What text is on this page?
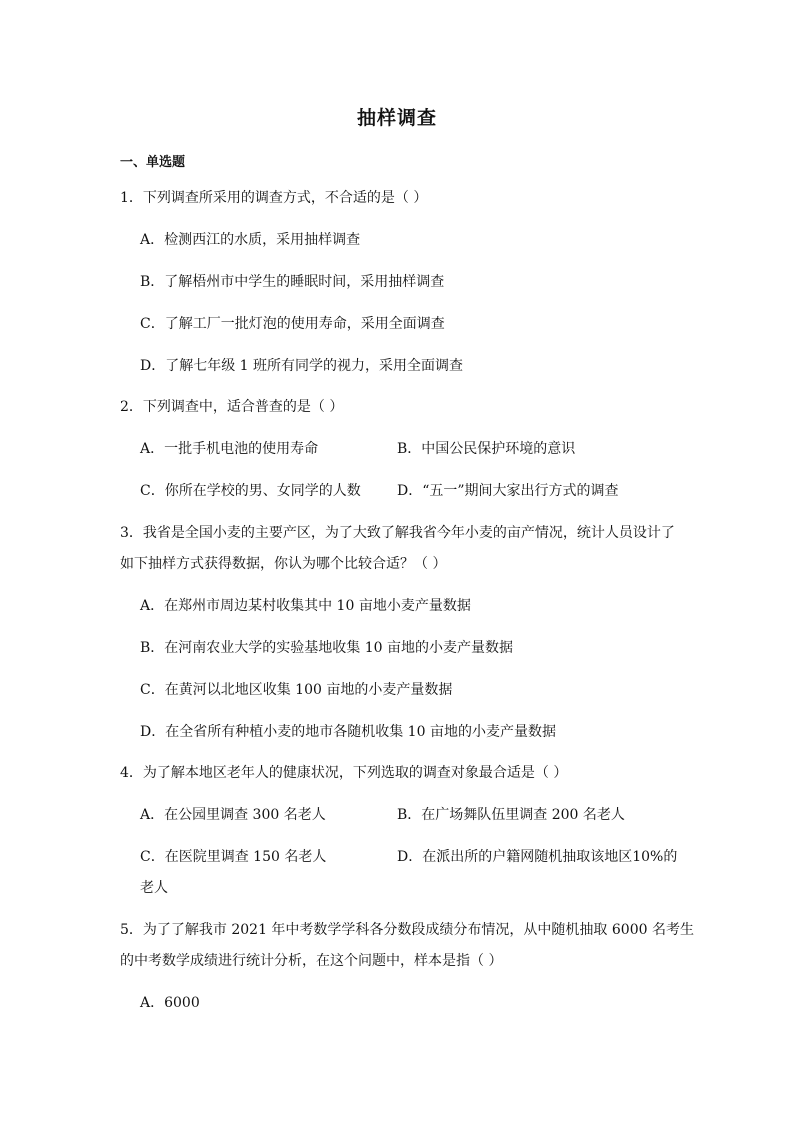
抽样调查
一、单选题
1．下列调查所采用的调查方式，不合适的是（ ）
A．检测西江的水质，采用抽样调查
B．了解梧州市中学生的睡眠时间，采用抽样调查
C．了解工厂一批灯泡的使用寿命，采用全面调查
D．了解七年级 1 班所有同学的视力，采用全面调查
2．下列调查中，适合普查的是（ ）
A．一批手机电池的使用寿命	B．中国公民保护环境的意识
C．你所在学校的男、女同学的人数	D．“五一”期间大家出行方式的调查
3．我省是全国小麦的主要产区，为了大致了解我省今年小麦的亩产情况，统计人员设计了
如下抽样方式获得数据，你认为哪个比较合适？（ ）
A．在郑州市周边某村收集其中 10 亩地小麦产量数据
B．在河南农业大学的实验基地收集 10 亩地的小麦产量数据
C．在黄河以北地区收集 100 亩地的小麦产量数据
D．在全省所有种植小麦的地市各随机收集 10 亩地的小麦产量数据
4．为了解本地区老年人的健康状况，下列选取的调查对象最合适是（ ）
A．在公园里调查 300 名老人	B．在广场舞队伍里调查 200 名老人
C．在医院里调查 150 名老人	D．在派出所的户籍网随机抽取该地区10%的
老人
5．为了了解我市 2021 年中考数学学科各分数段成绩分布情况，从中随机抽取 6000 名考生
的中考数学成绩进行统计分析，在这个问题中，样本是指（ ）
A．6000
